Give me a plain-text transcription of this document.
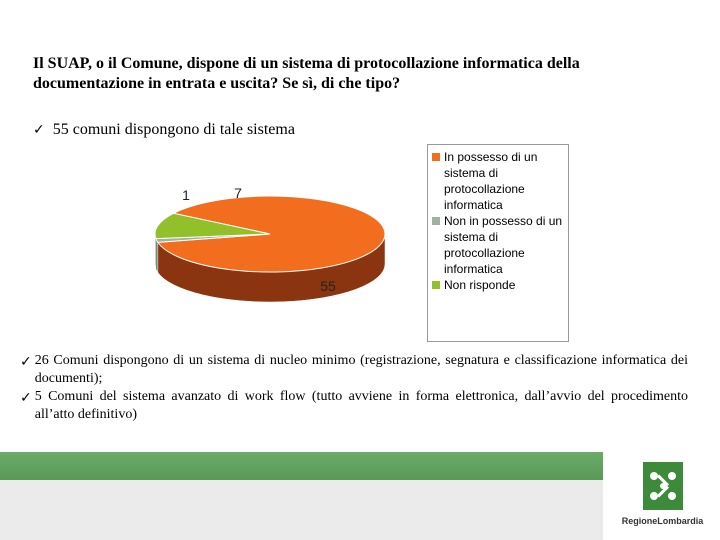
Il SUAP, o il Comune, dispone di un sistema di protocollazione informatica della documentazione in entrata e uscita? Se sì, di che tipo?
✓ 55 comuni dispongono di tale sistema
55
1	7
In possesso di un sistema di protocollazione informatica
Non in possesso di un sistema di protocollazione informatica
Non risponde
✓ 26 Comuni dispongono di un sistema di nucleo minimo (registrazione, segnatura e classificazione informatica dei documenti);
✓ 5 Comuni del sistema avanzato di work flow (tutto avviene in forma elettronica, dall’avvio del procedimento all’atto definitivo)
RegioneLombardia
